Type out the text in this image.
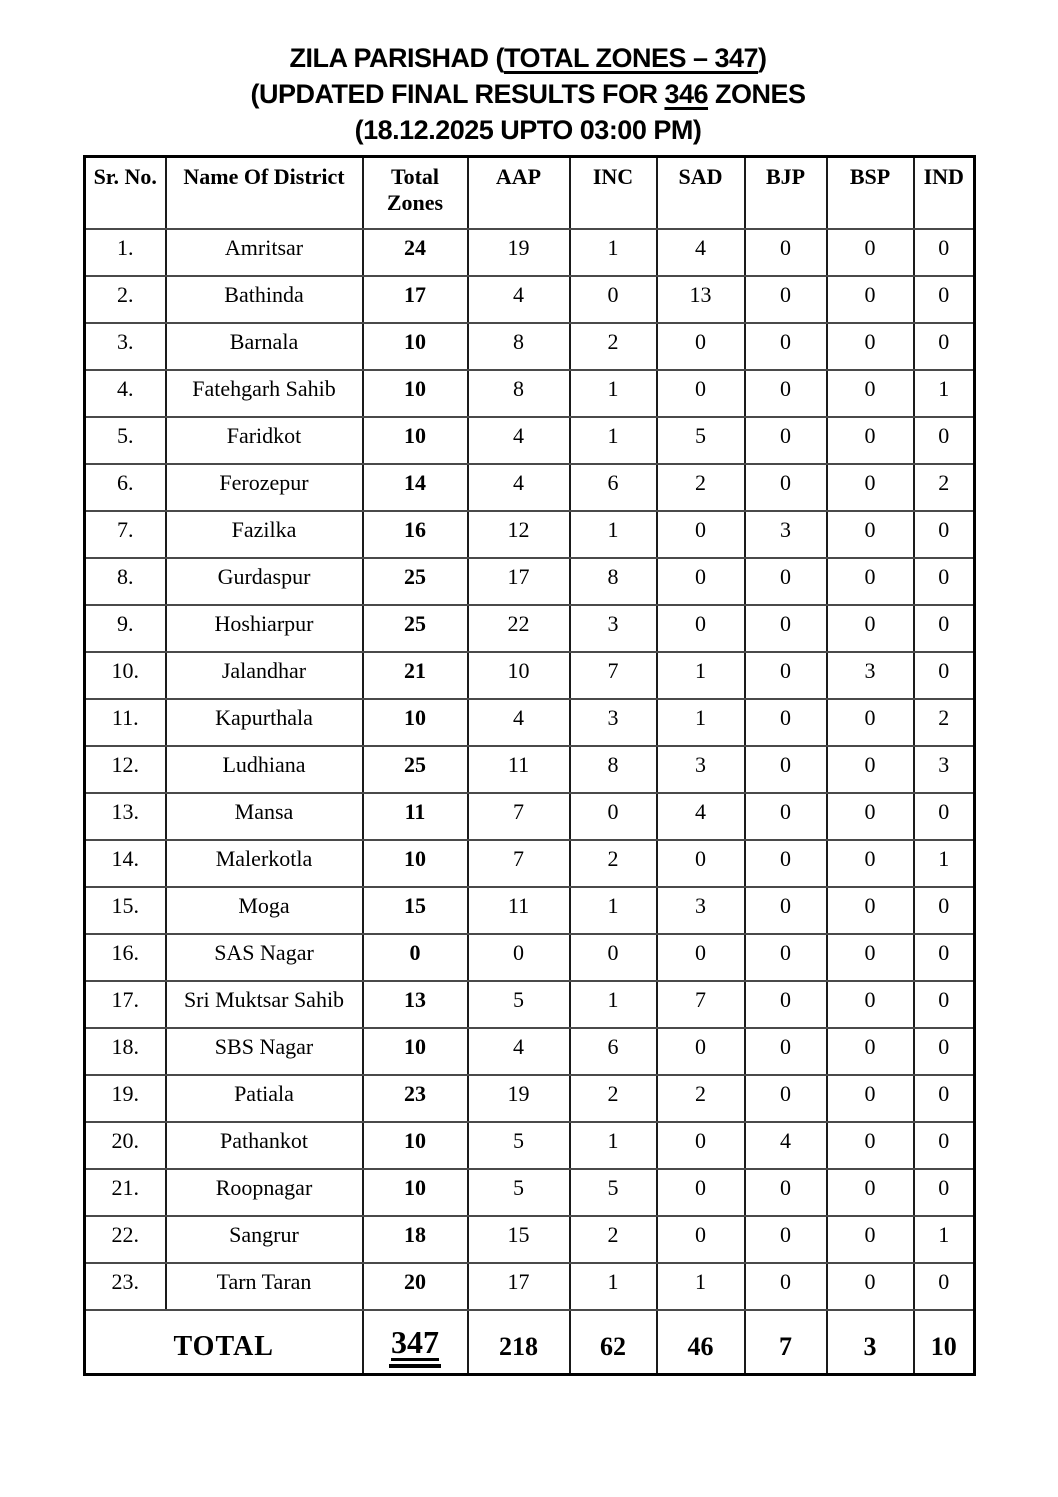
ZILA PARISHAD (TOTAL ZONES – 347)
(UPDATED FINAL RESULTS FOR 346 ZONES
(18.12.2025 UPTO 03:00 PM)
Sr. No.	Name Of District	Total Zones	AAP	INC	SAD	BJP	BSP	IND
1.	Amritsar	24	19	1	4	0	0	0
2.	Bathinda	17	4	0	13	0	0	0
3.	Barnala	10	8	2	0	0	0	0
4.	Fatehgarh Sahib	10	8	1	0	0	0	1
5.	Faridkot	10	4	1	5	0	0	0
6.	Ferozepur	14	4	6	2	0	0	2
7.	Fazilka	16	12	1	0	3	0	0
8.	Gurdaspur	25	17	8	0	0	0	0
9.	Hoshiarpur	25	22	3	0	0	0	0
10.	Jalandhar	21	10	7	1	0	3	0
11.	Kapurthala	10	4	3	1	0	0	2
12.	Ludhiana	25	11	8	3	0	0	3
13.	Mansa	11	7	0	4	0	0	0
14.	Malerkotla	10	7	2	0	0	0	1
15.	Moga	15	11	1	3	0	0	0
16.	SAS Nagar	0	0	0	0	0	0	0
17.	Sri Muktsar Sahib	13	5	1	7	0	0	0
18.	SBS Nagar	10	4	6	0	0	0	0
19.	Patiala	23	19	2	2	0	0	0
20.	Pathankot	10	5	1	0	4	0	0
21.	Roopnagar	10	5	5	0	0	0	0
22.	Sangrur	18	15	2	0	0	0	1
23.	Tarn Taran	20	17	1	1	0	0	0
TOTAL		347	218	62	46	7	3	10
